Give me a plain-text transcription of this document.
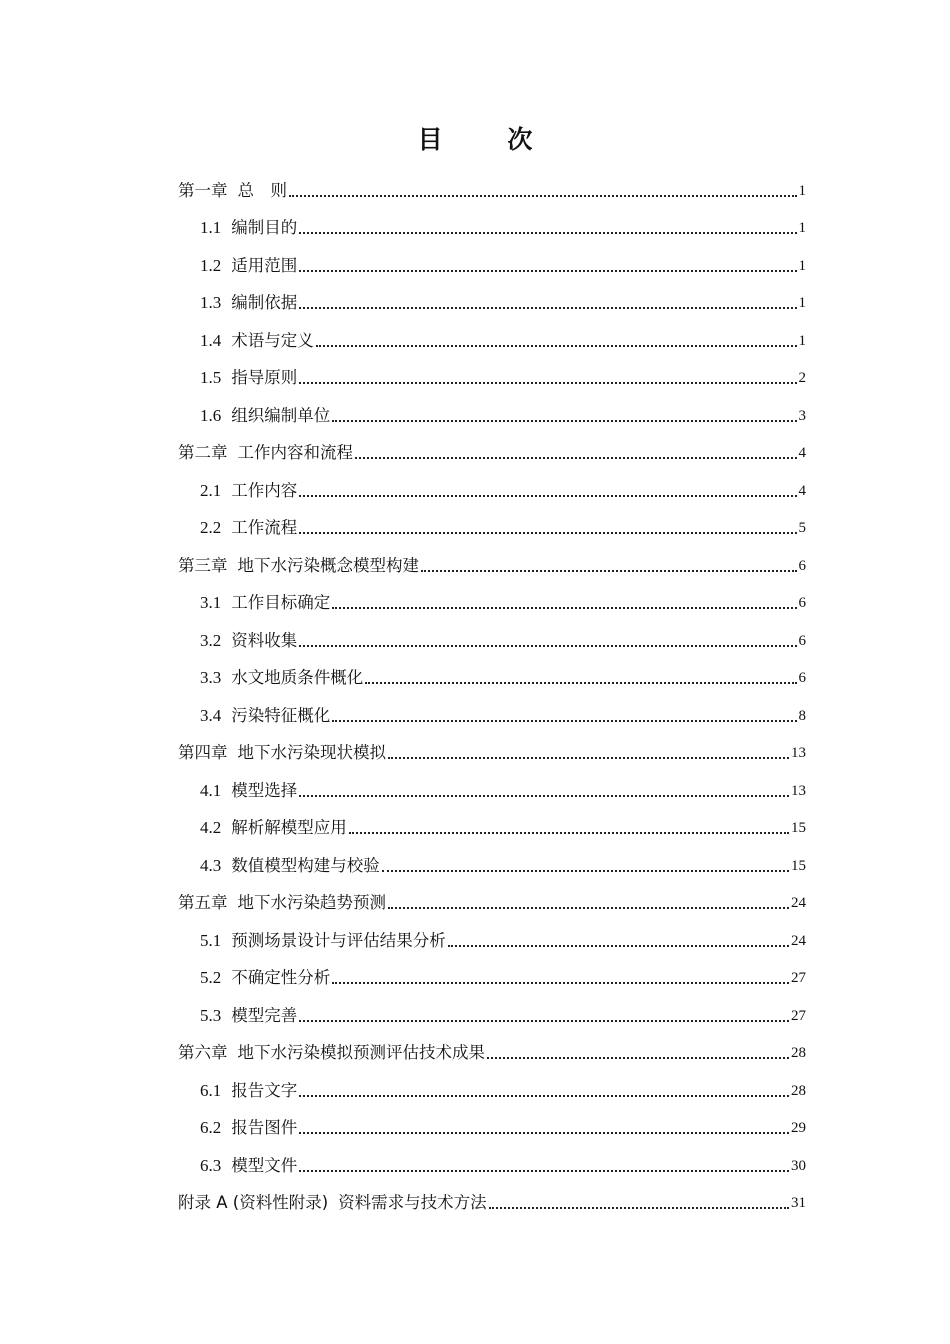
目 次
第一章 总　则	1
1.1 编制目的	1
1.2 适用范围	1
1.3 编制依据	1
1.4 术语与定义	1
1.5 指导原则	2
1.6 组织编制单位	3
第二章 工作内容和流程	4
2.1 工作内容	4
2.2 工作流程	5
第三章 地下水污染概念模型构建	6
3.1 工作目标确定	6
3.2 资料收集	6
3.3 水文地质条件概化	6
3.4 污染特征概化	8
第四章 地下水污染现状模拟	13
4.1 模型选择	13
4.2 解析解模型应用	15
4.3 数值模型构建与校验	15
第五章 地下水污染趋势预测	24
5.1 预测场景设计与评估结果分析	24
5.2 不确定性分析	27
5.3 模型完善	27
第六章 地下水污染模拟预测评估技术成果	28
6.1 报告文字	28
6.2 报告图件	29
6.3 模型文件	30
附录 A (资料性附录) 资料需求与技术方法	31
